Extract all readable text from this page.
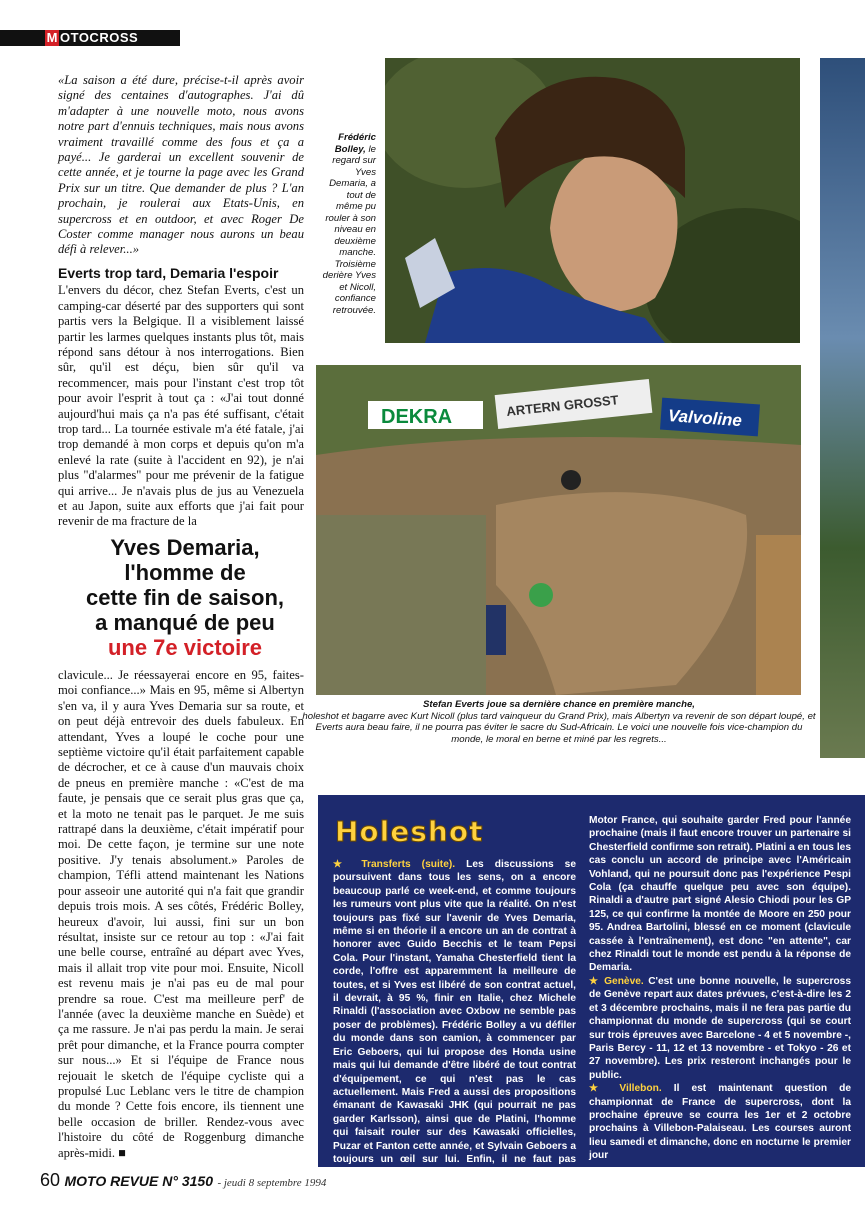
M OTOCROSS

«La saison a été dure, précise-t-il après avoir signé des centaines d'autographes. J'ai dû m'adapter à une nouvelle moto, nous avons notre part d'ennuis techniques, mais nous avons vraiment travaillé comme des fous et ça a payé... Je garderai un excellent souvenir de cette année, et je tourne la page avec les Grand Prix sur un titre. Que demander de plus ? L'an prochain, je roulerai aux Etats-Unis, en supercross et en outdoor, et avec Roger De Coster comme manager nous aurons un beau défi à relever...»

Everts trop tard, Demaria l'espoir

L'envers du décor, chez Stefan Everts, c'est un camping-car déserté par des supporters qui sont partis vers la Belgique. Il a visiblement laissé partir les larmes quelques instants plus tôt, mais répond sans détour à nos interrogations. Bien sûr, qu'il est déçu, bien sûr qu'il va recommencer, mais pour l'instant c'est trop tôt pour avoir l'esprit à tout ça : «J'ai tout donné aujourd'hui mais ça n'a pas été suffisant, c'était trop tard... La tournée estivale m'a été fatale, j'ai trop demandé à mon corps et depuis qu'on m'a enlevé la rate (suite à l'accident en 92), je n'ai plus "d'alarmes" pour me prévenir de la fatigue qui arrive... Je n'avais plus de jus au Venezuela et au Japon, suite aux efforts que j'ai fait pour revenir de ma fracture de la

Yves Demaria,
l'homme de
cette fin de saison,
a manqué de peu
une 7e victoire

clavicule... Je réessayerai encore en 95, faites-moi confiance...» Mais en 95, même si Albertyn s'en va, il y aura Yves Demaria sur sa route, et on peut déjà entrevoir des duels fabuleux. En attendant, Yves a loupé le coche pour une septième victoire qu'il était parfaitement capable de décrocher, et ce à cause d'un mauvais choix de pneus en première manche : «C'est de ma faute, je pensais que ce serait plus gras que ça, et la moto ne tenait pas le parquet. Je me suis rattrapé dans la deuxième, c'était impératif pour moi. De cette façon, je termine sur une note positive. J'y tenais absolument.» Paroles de champion, Téfli attend maintenant les Nations pour asseoir une autorité qui n'a fait que grandir depuis trois mois. A ses côtés, Frédéric Bolley, heureux d'avoir, lui aussi, fini sur un bon résultat, insiste sur ce retour au top : «J'ai fait une belle course, entraîné au départ avec Yves, mais il allait trop vite pour moi. Ensuite, Nicoll est revenu mais je n'ai pas eu de mal pour prendre sa roue. C'est ma meilleure perf' de l'année (avec la deuxième manche en Suède) et ça me rassure. Je n'ai pas perdu la main. Je serai prêt pour dimanche, et la France pourra compter sur nous...» Et si l'équipe de France nous rejouait le sketch de l'équipe cycliste qui a propulsé Luc Leblanc vers le titre de champion du monde ? Cette fois encore, ils tiennent une belle occasion de briller. Rendez-vous avec l'histoire du côté de Roggenburg dimanche après-midi. ■

Frédéric Bolley, le regard sur Yves Demaria, a tout de même pu rouler à son niveau en deuxième manche. Troisième derière Yves et Nicoll, confiance retrouvée.
DEKRA	ARTERN GROSST	Valvoline
Stefan Everts joue sa dernière chance en première manche,
holeshot et bagarre avec Kurt Nicoll (plus tard vainqueur du Grand Prix), mais Albertyn va revenir de son départ loupé, et Everts aura beau faire, il ne pourra pas éviter le sacre du Sud-Africain. Le voici une nouvelle fois vice-champion du monde, le moral en berne et miné par les regrets...
Holeshot
★ Transferts (suite). Les discussions se poursuivent dans tous les sens, on a encore beaucoup parlé ce week-end, et comme toujours les rumeurs vont plus vite que la réalité. On n'est toujours pas fixé sur l'avenir de Yves Demaria, même si en théorie il a encore un an de contrat à honorer avec Guido Becchis et le team Pepsi Cola. Pour l'instant, Yamaha Chesterfield tient la corde, l'offre est apparemment la meilleure de toutes, et si Yves est libéré de son contrat actuel, il devrait, à 95 %, finir en Italie, chez Michele Rinaldi (l'association avec Oxbow ne semble pas poser de problèmes). Frédéric Bolley a vu défiler du monde dans son camion, à commencer par Eric Geboers, qui lui propose des Honda usine mais qui lui demande d'être libéré de tout contrat d'équipement, ce qui n'est pas le cas actuellement. Mais Fred a aussi des propositions émanant de Kawasaki JHK (qui pourrait ne pas garder Karlsson), ainsi que de Platini, l'homme qui faisait rouler sur des Kawasaki officielles, Puzar et Fanton cette année, et Sylvain Geboers a toujours un œil sur lui. Enfin, il ne faut pas oublier Yamaha
Motor France, qui souhaite garder Fred pour l'année prochaine (mais il faut encore trouver un partenaire si Chesterfield confirme son retrait). Platini a en tous les cas conclu un accord de principe avec l'Américain Vohland, qui ne poursuit donc pas l'expérience Pespi Cola (ça chauffe quelque peu avec son équipe). Rinaldi a d'autre part signé Alesio Chiodi pour les GP 125, ce qui confirme la montée de Moore en 250 pour 95. Andrea Bartolini, blessé en ce moment (clavicule cassée à l'entraînement), est donc "en attente", car chez Rinaldi tout le monde est pendu à la réponse de Demaria.
★ Genève. C'est une bonne nouvelle, le supercross de Genève repart aux dates prévues, c'est-à-dire les 2 et 3 décembre prochains, mais il ne fera pas partie du championnat du monde de supercross (qui se court sur trois épreuves avec Barcelone - 4 et 5 novembre -, Paris Bercy - 11, 12 et 13 novembre - et Tokyo - 26 et 27 novembre). Les prix resteront inchangés pour le public.
★ Villebon. Il est maintenant question de championnat de France de supercross, dont la prochaine épreuve se courra les 1er et 2 octobre prochains à Villebon-Palaiseau. Les courses auront lieu samedi et dimanche, donc en nocturne le premier jour
60 MOTO REVUE N° 3150 - jeudi 8 septembre 1994
